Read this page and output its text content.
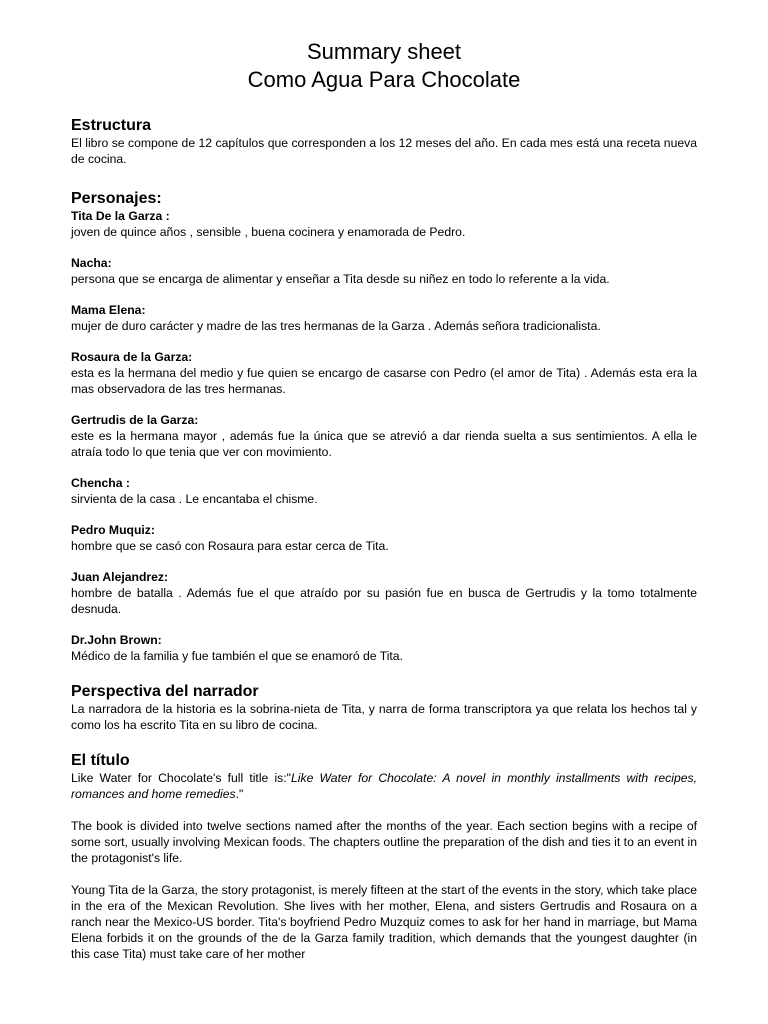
Summary sheet
Como Agua Para Chocolate
Estructura

El libro se compone de 12 capítulos que corresponden a los 12 meses del año. En cada mes está una receta nueva de cocina.

Personajes:

Tita De la Garza :

joven de quince años , sensible , buena cocinera y enamorada de Pedro.

Nacha:

persona que se encarga de alimentar y enseñar a Tita desde su niñez en todo lo referente a la vida.

Mama Elena:

mujer de duro carácter y madre de las tres hermanas de la Garza . Además señora tradicionalista.

Rosaura de la Garza:

esta es la hermana del medio y fue quien se encargo de casarse con Pedro (el amor de Tita) . Además esta era la mas observadora de las tres hermanas.

Gertrudis de la Garza:

este es la hermana mayor , además fue la única que se atrevió a dar rienda suelta a sus sentimientos. A ella le atraía todo lo que tenia que ver con movimiento.

Chencha :

sirvienta de la casa . Le encantaba el chisme.

Pedro Muquiz:

hombre que se casó con Rosaura para estar cerca de Tita.

Juan Alejandrez:

hombre de batalla . Además fue el que atraído por su pasión fue en busca de Gertrudis y la tomo totalmente desnuda.

Dr.John Brown:

Médico de la familia y fue también el que se enamoró de Tita.

Perspectiva del narrador

La narradora de la historia es la sobrina-nieta de Tita, y narra de forma transcriptora ya que relata los hechos tal y como los ha escrito Tita en su libro de cocina.

El título

Like Water for Chocolate's full title is:"Like Water for Chocolate: A novel in monthly installments with recipes, romances and home remedies."

The book is divided into twelve sections named after the months of the year. Each section begins with a recipe of some sort, usually involving Mexican foods. The chapters outline the preparation of the dish and ties it to an event in the protagonist's life.

Young Tita de la Garza, the story protagonist, is merely fifteen at the start of the events in the story, which take place in the era of the Mexican Revolution. She lives with her mother, Elena, and sisters Gertrudis and Rosaura on a ranch near the Mexico-US border. Tita's boyfriend Pedro Muzquiz comes to ask for her hand in marriage, but Mama Elena forbids it on the grounds of the de la Garza family tradition, which demands that the youngest daughter (in this case Tita) must take care of her mother
